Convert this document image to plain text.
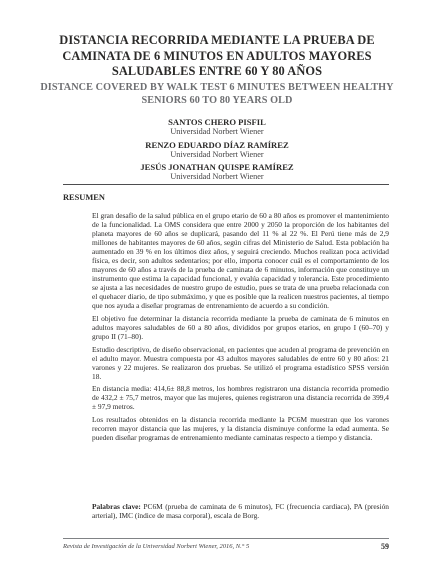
DISTANCIA RECORRIDA MEDIANTE LA PRUEBA DE CAMINATA DE 6 MINUTOS EN ADULTOS MAYORES SALUDABLES ENTRE 60 Y 80 AÑOS
DISTANCE COVERED BY WALK TEST 6 MINUTES BETWEEN HEALTHY SENIORS 60 TO 80 YEARS OLD
SANTOS CHERO PISFIL
Universidad Norbert Wiener
RENZO EDUARDO DÍAZ RAMÍREZ
Universidad Norbert Wiener
JESÚS JONATHAN QUISPE RAMÍREZ
Universidad Norbert Wiener
RESUMEN

El gran desafío de la salud pública en el grupo etario de 60 a 80 años es promover el mantenimiento de la funcionalidad. La OMS considera que entre 2000 y 2050 la proporción de los habitantes del planeta mayores de 60 años se duplicará, pasando del 11 % al 22 %. El Perú tiene más de 2,9 millones de habitantes mayores de 60 años, según cifras del Ministerio de Salud. Esta población ha aumentado en 39 % en los últimos diez años, y seguirá creciendo. Muchos realizan poca actividad física, es decir, son adultos sedentarios; por ello, importa conocer cuál es el comportamiento de los mayores de 60 años a través de la prueba de caminata de 6 minutos, información que constituye un instrumento que estima la capacidad funcional, y evalúa capacidad y tolerancia. Este procedimiento se ajusta a las necesidades de nuestro grupo de estudio, pues se trata de una prueba relacionada con el quehacer diario, de tipo submáximo, y que es posible que la realicen nuestros pacientes, al tiempo que nos ayuda a diseñar programas de entrenamiento de acuerdo a su condición.

El objetivo fue determinar la distancia recorrida mediante la prueba de caminata de 6 minutos en adultos mayores saludables de 60 a 80 años, divididos por grupos etarios, en grupo I (60–70) y grupo II (71–80).

Estudio descriptivo, de diseño observacional, en pacientes que acuden al programa de prevención en el adulto mayor. Muestra compuesta por 43 adultos mayores saludables de entre 60 y 80 años: 21 varones y 22 mujeres. Se realizaron dos pruebas. Se utilizó el programa estadístico SPSS versión 18.

En distancia media: 414,6± 88,8 metros, los hombres registraron una distancia recorrida promedio de 432,2 ± 75,7 metros, mayor que las mujeres, quienes registraron una distancia recorrida de 399,4 ± 97,9 metros.

Los resultados obtenidos en la distancia recorrida mediante la PC6M muestran que los varones recorren mayor distancia que las mujeres, y la distancia disminuye conforme la edad aumenta. Se pueden diseñar programas de entrenamiento mediante caminatas respecto a tiempo y distancia.

Palabras clave: PC6M (prueba de caminata de 6 minutos), FC (frecuencia cardiaca), PA (presión arterial), IMC (índice de masa corporal), escala de Borg.
Revista de Investigación de la Universidad Norbert Wiener, 2016, N.° 5	59
